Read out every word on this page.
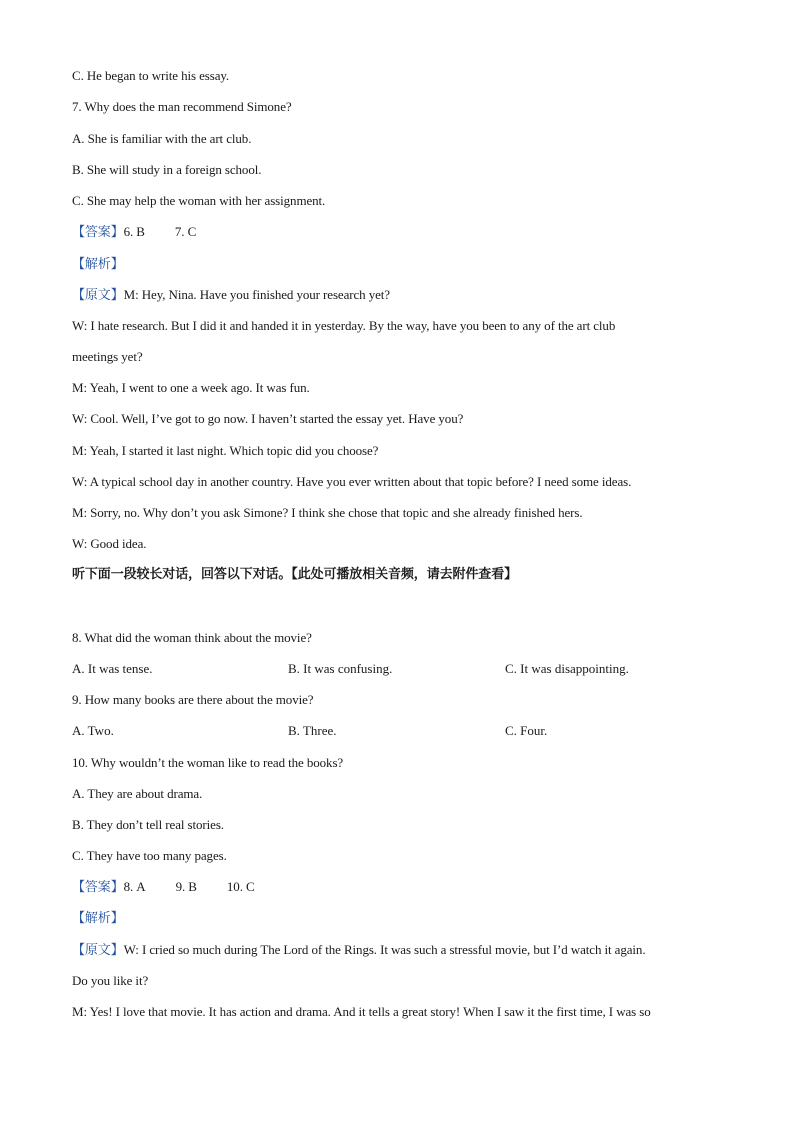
C. He began to write his essay.
7. Why does the man recommend Simone?
A. She is familiar with the art club.
B. She will study in a foreign school.
C. She may help the woman with her assignment.
【答案】6. B 7. C
【解析】
【原文】M: Hey, Nina. Have you finished your research yet?
W: I hate research. But I did it and handed it in yesterday. By the way, have you been to any of the art club
meetings yet?
M: Yeah, I went to one a week ago. It was fun.
W: Cool. Well, I’ve got to go now. I haven’t started the essay yet. Have you?
M: Yeah, I started it last night. Which topic did you choose?
W: A typical school day in another country. Have you ever written about that topic before? I need some ideas.
M: Sorry, no. Why don’t you ask Simone? I think she chose that topic and she already finished hers.
W: Good idea.
听下面一段较长对话，回答以下对话。【此处可播放相关音频，请去附件查看】
8. What did the woman think about the movie?
A. It was tense.	B. It was confusing.	C. It was disappointing.
9. How many books are there about the movie?
A. Two.	B. Three.	C. Four.
10. Why wouldn’t the woman like to read the books?
A. They are about drama.
B. They don’t tell real stories.
C. They have too many pages.
【答案】8. A 9. B 10. C
【解析】
【原文】W: I cried so much during The Lord of the Rings. It was such a stressful movie, but I’d watch it again.
Do you like it?
M: Yes! I love that movie. It has action and drama. And it tells a great story! When I saw it the first time, I was so
